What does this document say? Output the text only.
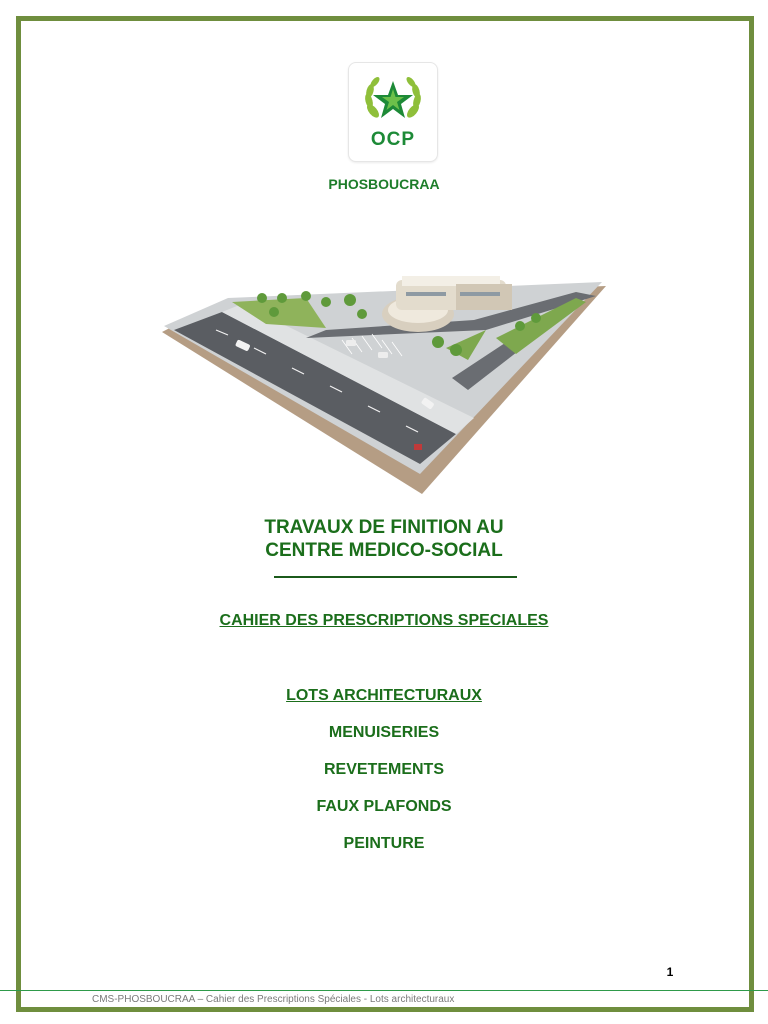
OCP
PHOSBOUCRAA
TRAVAUX DE FINITION AU
CENTRE MEDICO-SOCIAL
CAHIER DES PRESCRIPTIONS SPECIALES
LOTS ARCHITECTURAUX
MENUISERIES
REVETEMENTS
FAUX PLAFONDS
PEINTURE
1
CMS-PHOSBOUCRAA – Cahier des Prescriptions Spéciales - Lots architecturaux
